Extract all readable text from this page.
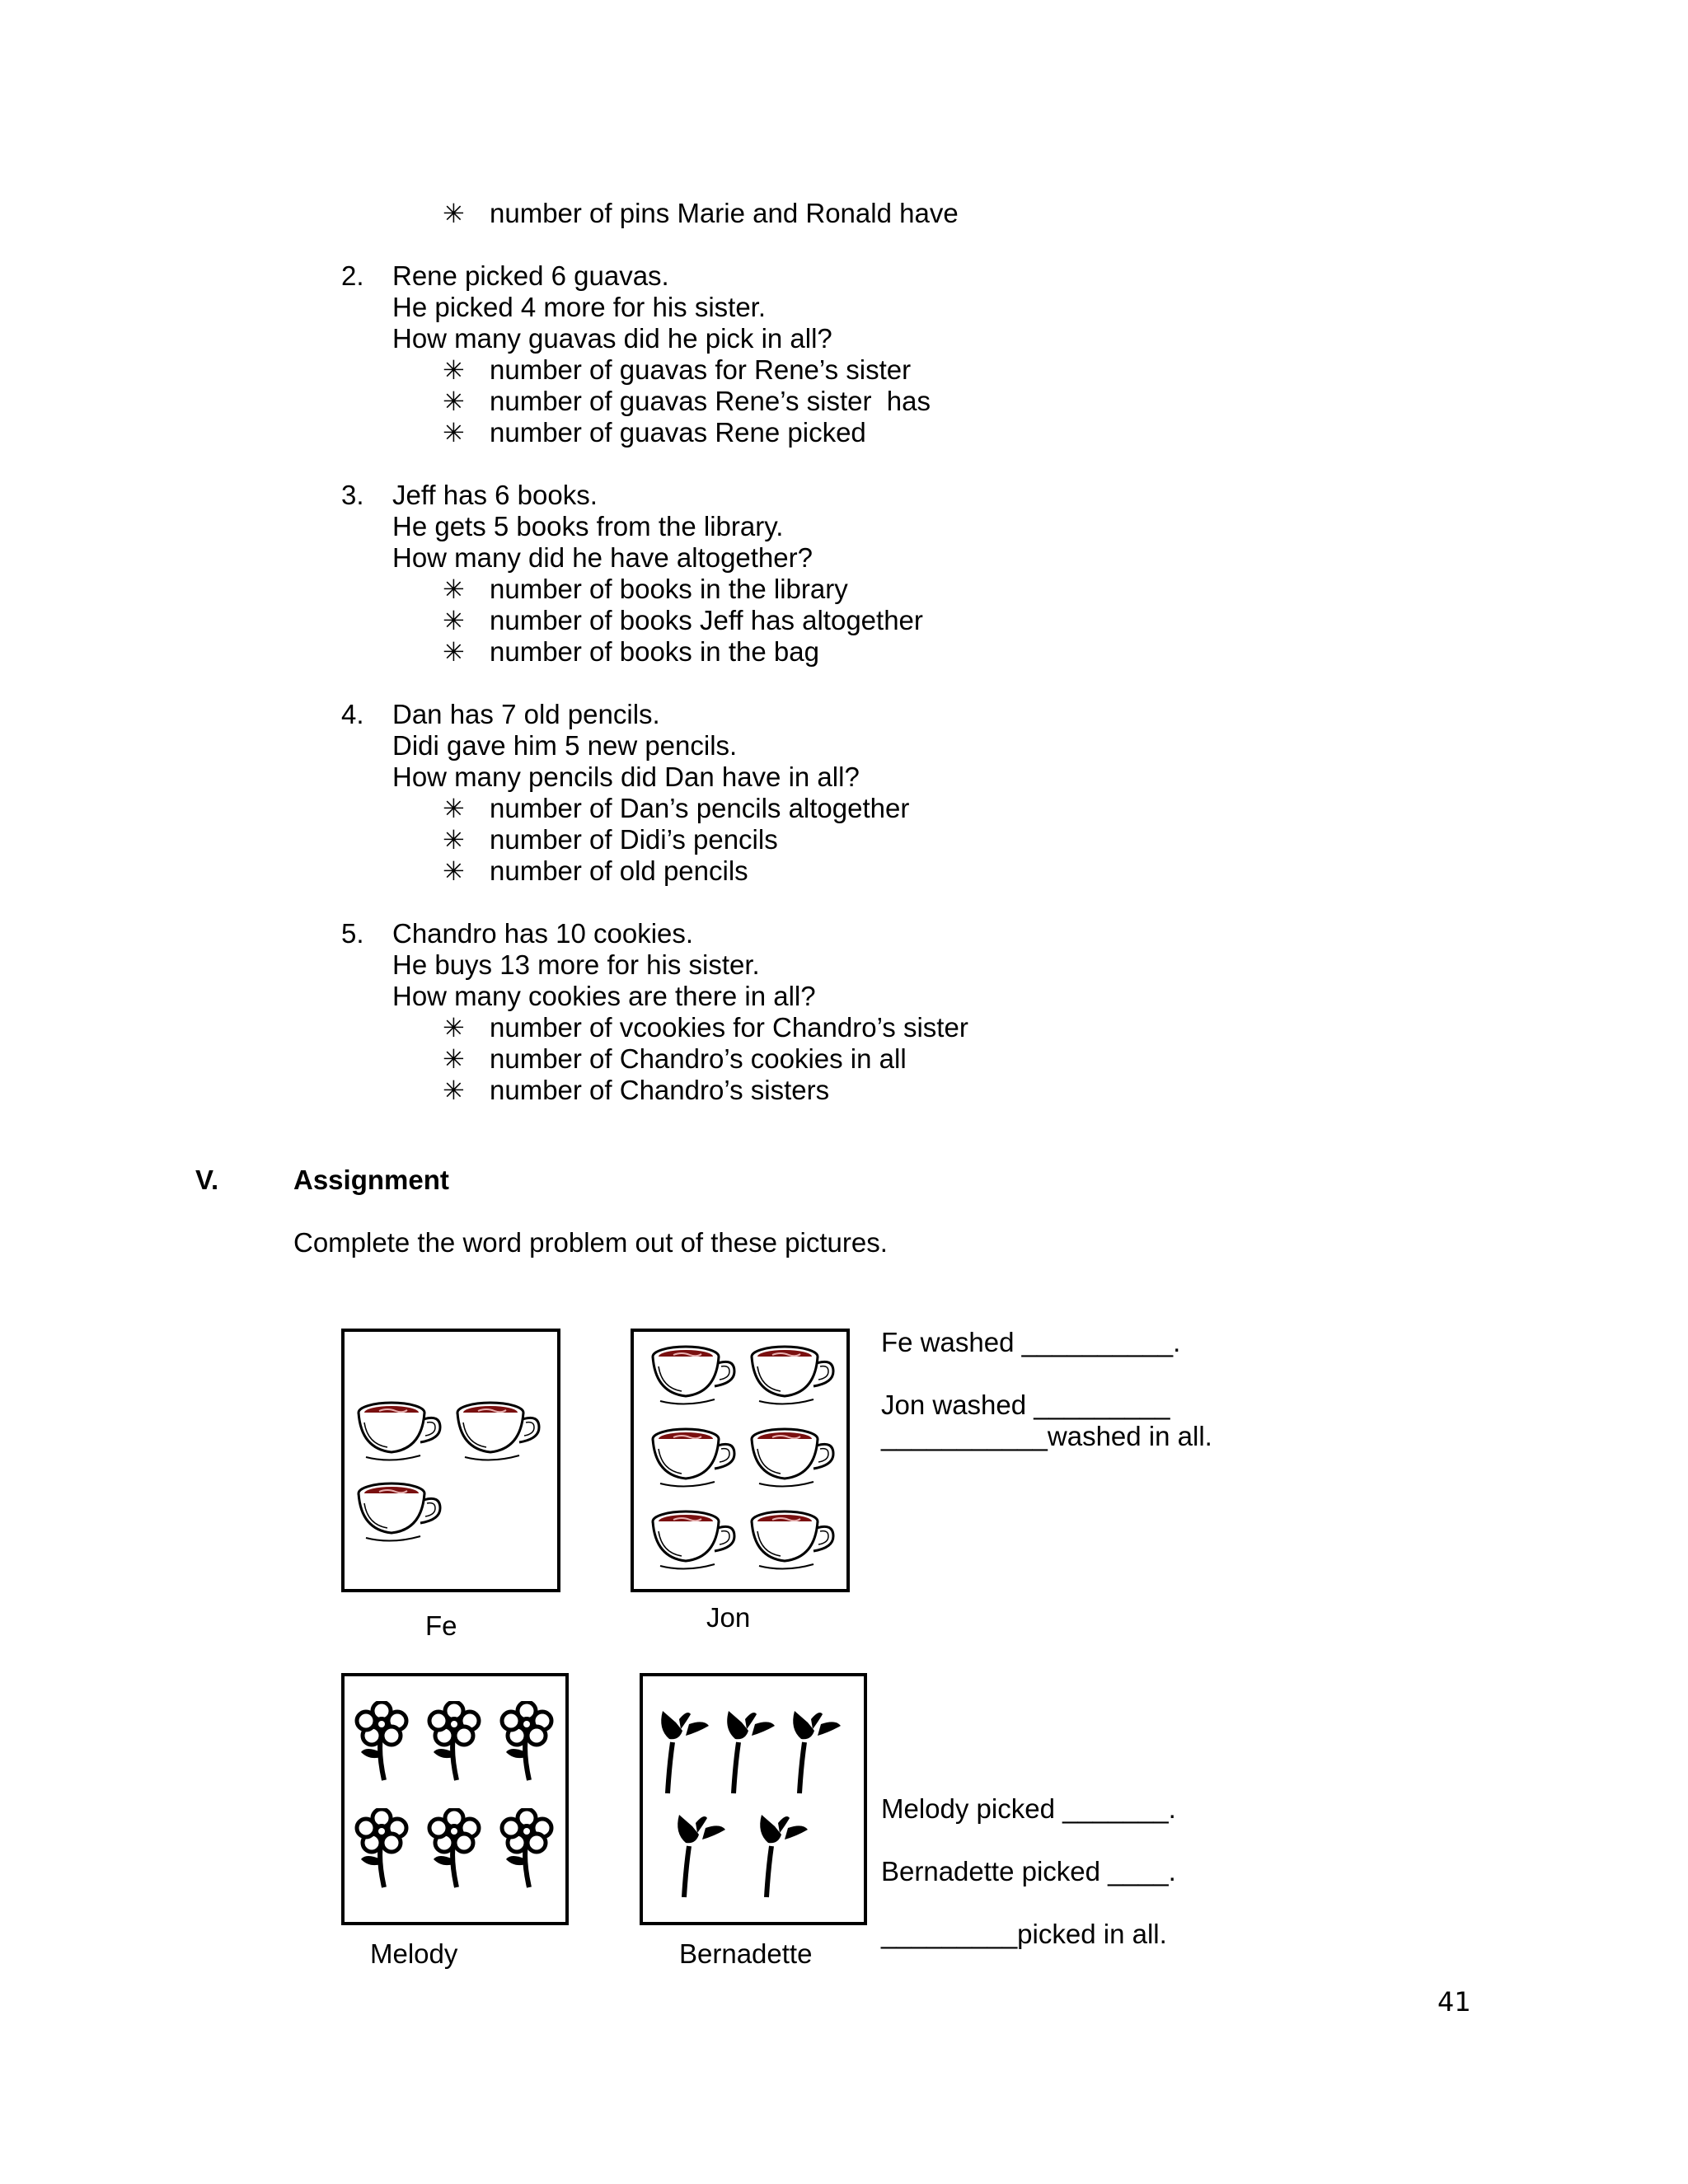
✳ number of pins Marie and Ronald have
2. Rene picked 6 guavas.
He picked 4 more for his sister.
How many guavas did he pick in all?
✳ number of guavas for Rene’s sister
✳ number of guavas Rene’s sister  has
✳ number of guavas Rene picked
3. Jeff has 6 books.
He gets 5 books from the library.
How many did he have altogether?
✳ number of books in the library
✳ number of books Jeff has altogether
✳ number of books in the bag
4. Dan has 7 old pencils.
Didi gave him 5 new pencils.
How many pencils did Dan have in all?
✳ number of Dan’s pencils altogether
✳ number of Didi’s pencils
✳ number of old pencils
5. Chandro has 10 cookies.
He buys 13 more for his sister.
How many cookies are there in all?
✳ number of vcookies for Chandro’s sister
✳ number of Chandro’s cookies in all
✳ number of Chandro’s sisters
V.	Assignment
Complete the word problem out of these pictures.
Fe	Jon
Fe washed __________.
Jon washed _________
___________washed in all.
Melody	Bernadette
Melody picked _______.
Bernadette picked ____.
_________picked in all.
41
